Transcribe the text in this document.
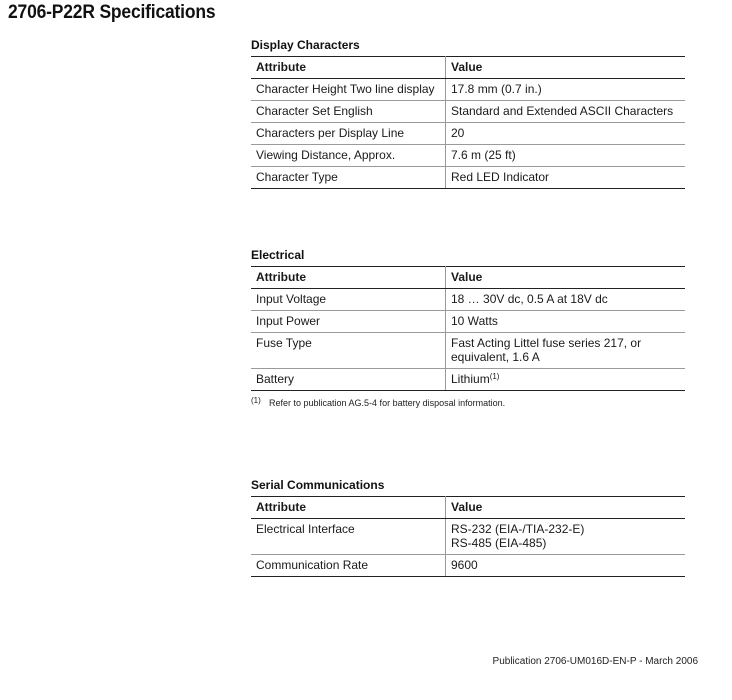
2706-P22R Specifications
Display Characters
Attribute	Value
Character Height Two line display	17.8 mm (0.7 in.)
Character Set English	Standard and Extended ASCII Characters
Characters per Display Line	20
Viewing Distance, Approx.	7.6 m (25 ft)
Character Type	Red LED Indicator
Electrical
Attribute	Value
Input Voltage	18 … 30V dc, 0.5 A at 18V dc
Input Power	10 Watts
Fuse Type	Fast Acting Littel fuse series 217, or equivalent, 1.6 A
Battery	Lithium$^{(1)}$
(1) Refer to publication AG.5-4 for battery disposal information.
Serial Communications
Attribute	Value
Electrical Interface	RS-232 (EIA-/TIA-232-E)
RS-485 (EIA-485)
Communication Rate	9600
Publication 2706-UM016D-EN-P - March 2006
